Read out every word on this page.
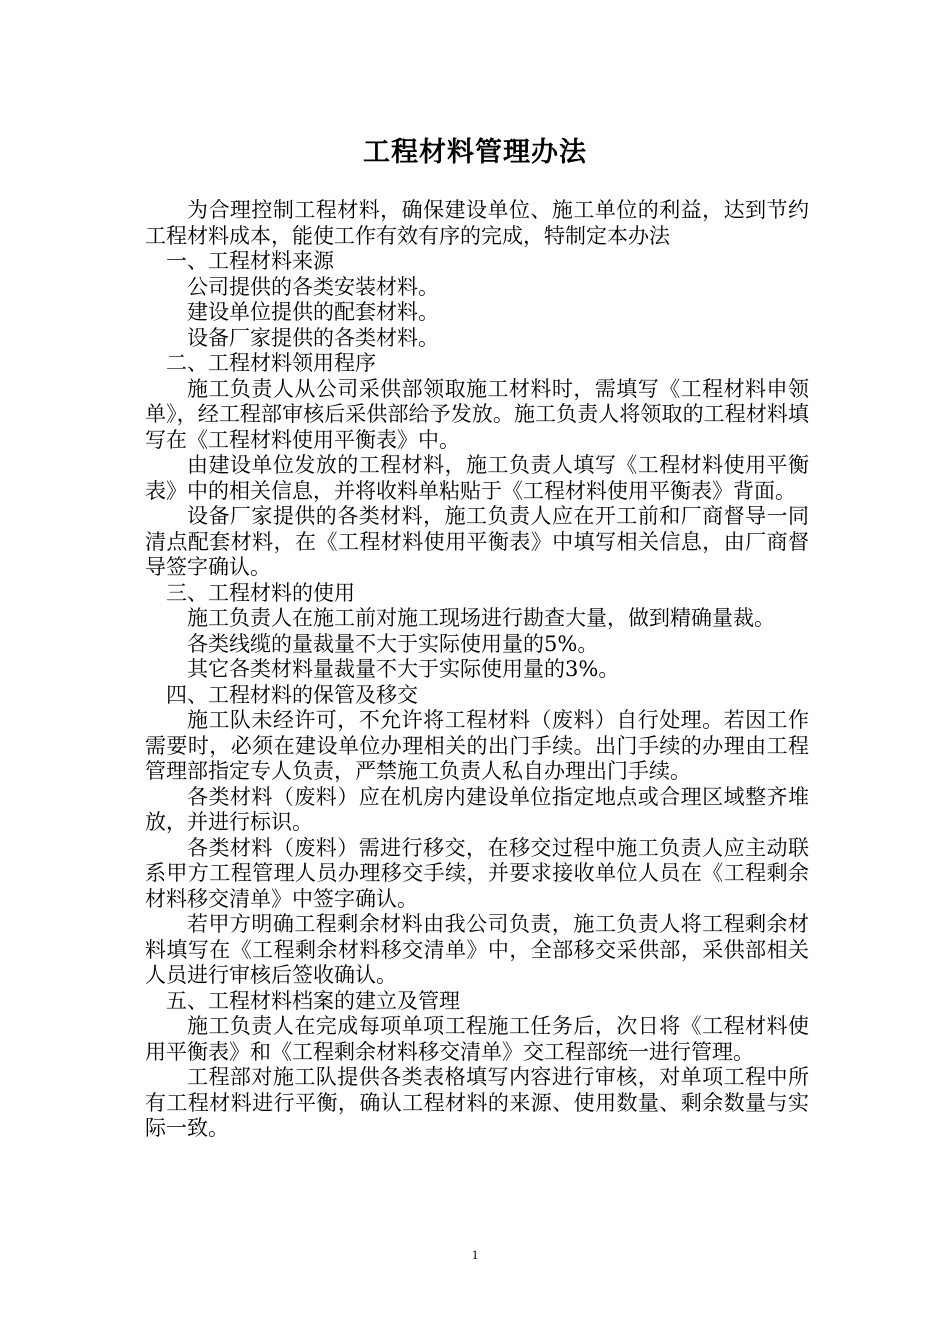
工程材料管理办法

为合理控制工程材料，确保建设单位、施工单位的利益，达到节约工程材料成本，能使工作有效有序的完成，特制定本办法

一、工程材料来源

公司提供的各类安装材料。

建设单位提供的配套材料。

设备厂家提供的各类材料。

二、工程材料领用程序

施工负责人从公司采供部领取施工材料时，需填写《工程材料申领单》，经工程部审核后采供部给予发放。施工负责人将领取的工程材料填写在《工程材料使用平衡表》中。

由建设单位发放的工程材料，施工负责人填写《工程材料使用平衡表》中的相关信息，并将收料单粘贴于《工程材料使用平衡表》背面。

设备厂家提供的各类材料，施工负责人应在开工前和厂商督导一同清点配套材料，在《工程材料使用平衡表》中填写相关信息，由厂商督导签字确认。

三、工程材料的使用

施工负责人在施工前对施工现场进行勘查大量，做到精确量裁。

各类线缆的量裁量不大于实际使用量的5%。

其它各类材料量裁量不大于实际使用量的3%。

四、工程材料的保管及移交

施工队未经许可，不允许将工程材料（废料）自行处理。若因工作需要时，必须在建设单位办理相关的出门手续。出门手续的办理由工程管理部指定专人负责，严禁施工负责人私自办理出门手续。

各类材料（废料）应在机房内建设单位指定地点或合理区域整齐堆放，并进行标识。

各类材料（废料）需进行移交，在移交过程中施工负责人应主动联系甲方工程管理人员办理移交手续，并要求接收单位人员在《工程剩余材料移交清单》中签字确认。

若甲方明确工程剩余材料由我公司负责，施工负责人将工程剩余材料填写在《工程剩余材料移交清单》中，全部移交采供部，采供部相关人员进行审核后签收确认。

五、工程材料档案的建立及管理

施工负责人在完成每项单项工程施工任务后，次日将《工程材料使用平衡表》和《工程剩余材料移交清单》交工程部统一进行管理。

工程部对施工队提供各类表格填写内容进行审核，对单项工程中所有工程材料进行平衡，确认工程材料的来源、使用数量、剩余数量与实际一致。

1
